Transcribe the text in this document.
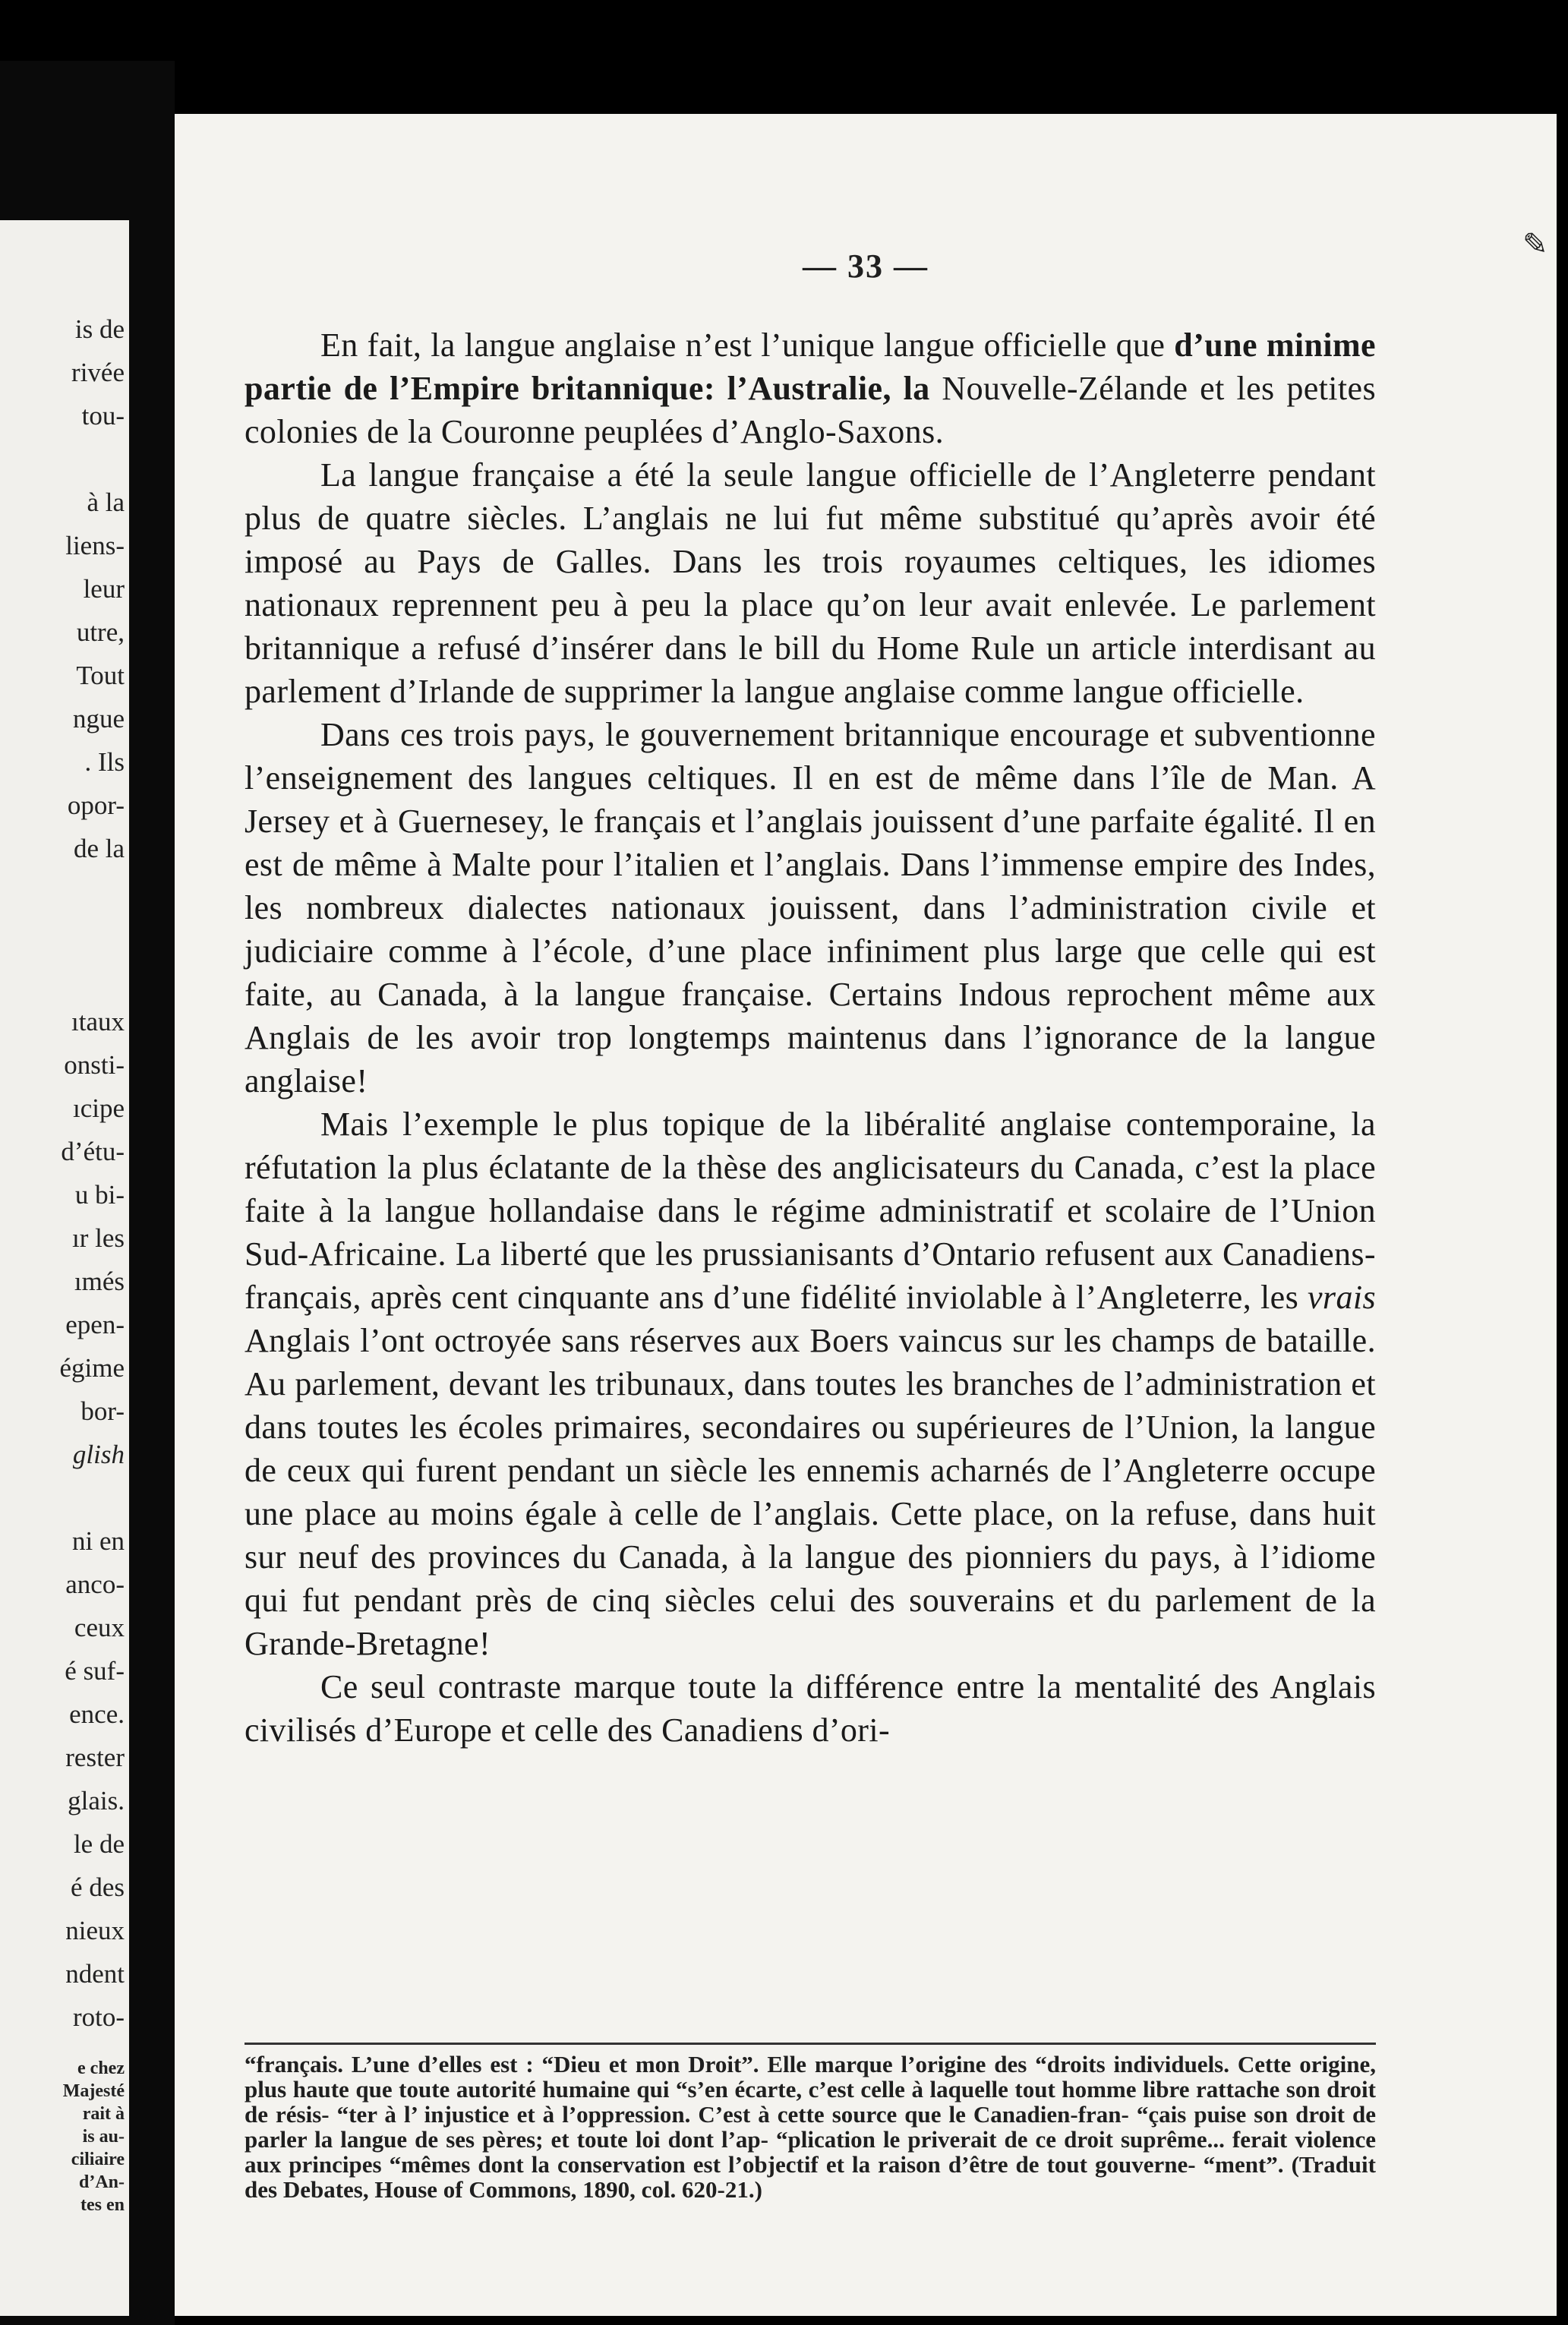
is de
rivée
tou-
à la
liens-
leur
utre,
Tout
ngue
. Ils
opor-
de la
ıtaux
onsti-
ıcipe
d’étu-
u bi-
ır les
ımés
epen-
égime
bor-
glish
ni en
anco-
ceux
é suf-
ence.
rester
glais.
le de
é des
nieux
ndent
roto-
e chez
Majesté
rait à
is au-
ciliaire
d’An-
tes en
✎
— 33 —

En fait, la langue anglaise n’est l’unique langue officielle que d’une minime partie de l’Empire britannique: l’Australie, la Nouvelle-Zélande et les petites colonies de la Couronne peuplées d’Anglo-Saxons.

La langue française a été la seule langue officielle de l’Angleterre pendant plus de quatre siècles. L’anglais ne lui fut même substitué qu’après avoir été imposé au Pays de Galles. Dans les trois royaumes celtiques, les idiomes nationaux reprennent peu à peu la place qu’on leur avait enlevée. Le parlement britannique a refusé d’insérer dans le bill du Home Rule un article interdisant au parlement d’Irlande de supprimer la langue anglaise comme langue officielle.

Dans ces trois pays, le gouvernement britannique encourage et subventionne l’enseignement des langues celtiques. Il en est de même dans l’île de Man. A Jersey et à Guernesey, le français et l’anglais jouissent d’une parfaite égalité. Il en est de même à Malte pour l’italien et l’anglais. Dans l’immense empire des Indes, les nombreux dialectes nationaux jouissent, dans l’administration civile et judiciaire comme à l’école, d’une place infiniment plus large que celle qui est faite, au Canada, à la langue française. Certains Indous reprochent même aux Anglais de les avoir trop longtemps maintenus dans l’ignorance de la langue anglaise!

Mais l’exemple le plus topique de la libéralité anglaise contemporaine, la réfutation la plus éclatante de la thèse des anglicisateurs du Canada, c’est la place faite à la langue hollandaise dans le régime administratif et scolaire de l’Union Sud-Africaine. La liberté que les prussianisants d’Ontario refusent aux Canadiens-français, après cent cinquante ans d’une fidélité inviolable à l’Angleterre, les vrais Anglais l’ont octroyée sans réserves aux Boers vaincus sur les champs de bataille. Au parlement, devant les tribunaux, dans toutes les branches de l’administration et dans toutes les écoles primaires, secondaires ou supérieures de l’Union, la langue de ceux qui furent pendant un siècle les ennemis acharnés de l’Angleterre occupe une place au moins égale à celle de l’anglais. Cette place, on la refuse, dans huit sur neuf des provinces du Canada, à la langue des pionniers du pays, à l’idiome qui fut pendant près de cinq siècles celui des souverains et du parlement de la Grande-Bretagne!

Ce seul contraste marque toute la différence entre la mentalité des Anglais civilisés d’Europe et celle des Canadiens d’ori-

“français. L’une d’elles est : “Dieu et mon Droit”. Elle marque l’origine des “droits individuels. Cette origine, plus haute que toute autorité humaine qui “s’en écarte, c’est celle à laquelle tout homme libre rattache son droit de résis- “ter à l’ injustice et à l’oppression. C’est à cette source que le Canadien-fran- “çais puise son droit de parler la langue de ses pères; et toute loi dont l’ap- “plication le priverait de ce droit suprême... ferait violence aux principes “mêmes dont la conservation est l’objectif et la raison d’être de tout gouverne- “ment”. (Traduit des Debates, House of Commons, 1890, col. 620-21.)
